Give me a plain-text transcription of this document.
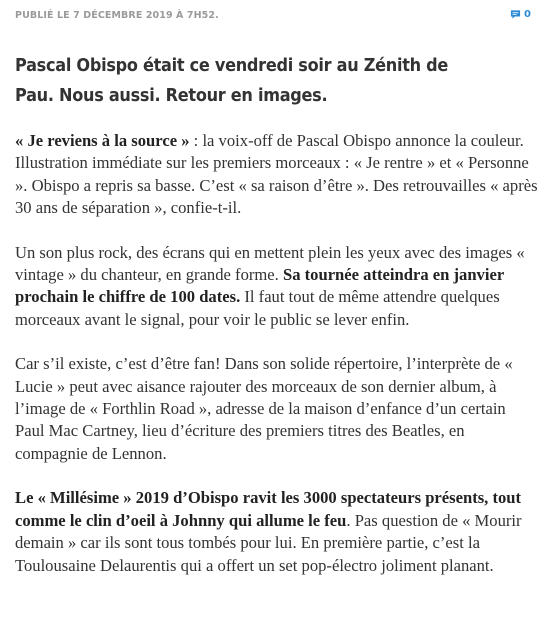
PUBLIÉ LE 7 DÉCEMBRE 2019 À 7H52.	0
Pascal Obispo était ce vendredi soir au Zénith de Pau. Nous aussi. Retour en images.

« Je reviens à la source » : la voix-off de Pascal Obispo annonce la couleur. Illustration immédiate sur les premiers morceaux : « Je rentre » et « Personne ». Obispo a repris sa basse. C’est « sa raison d’être ». Des retrouvailles « après 30 ans de séparation », confie-t-il.

Un son plus rock, des écrans qui en mettent plein les yeux avec des images « vintage » du chanteur, en grande forme. Sa tournée atteindra en janvier prochain le chiffre de 100 dates. Il faut tout de même attendre quelques morceaux avant le signal, pour voir le public se lever enfin.

Car s’il existe, c’est d’être fan! Dans son solide répertoire, l’interprète de « Lucie » peut avec aisance rajouter des morceaux de son dernier album, à l’image de « Forthlin Road », adresse de la maison d’enfance d’un certain Paul Mac Cartney, lieu d’écriture des premiers titres des Beatles, en compagnie de Lennon.

Le « Millésime » 2019 d’Obispo ravit les 3000 spectateurs présents, tout comme le clin d’oeil à Johnny qui allume le feu. Pas question de « Mourir demain » car ils sont tous tombés pour lui. En première partie, c’est la Toulousaine Delaurentis qui a offert un set pop-électro joliment planant.
